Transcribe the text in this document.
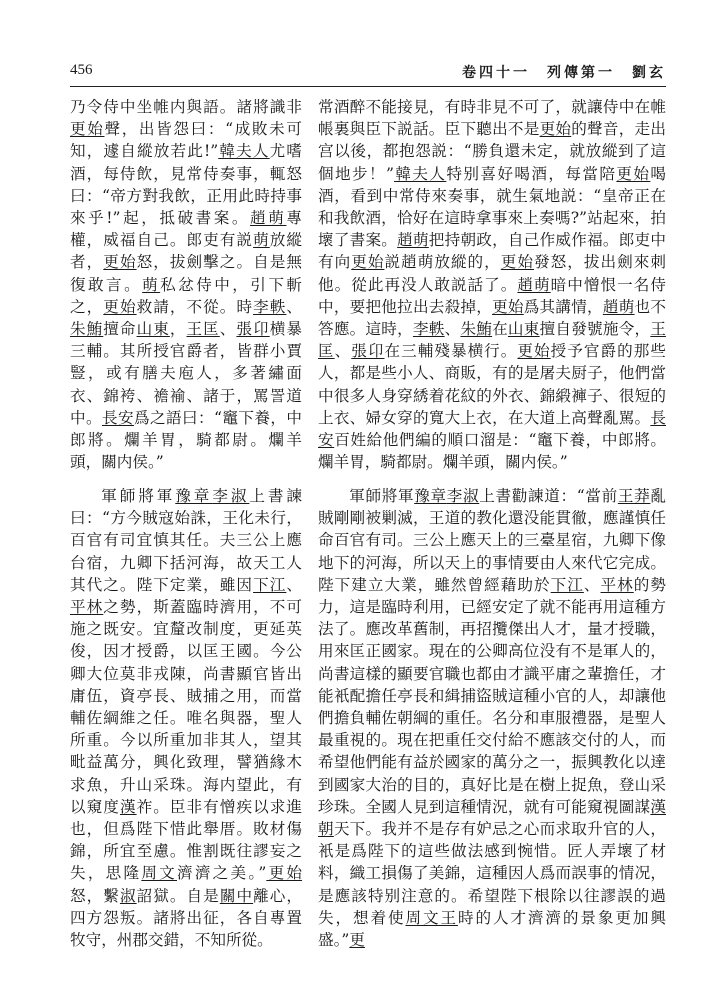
456	卷四十一　列傳第一　劉玄

乃令侍中坐帷内與語。諸將識非更始聲，出皆怨曰：“成敗未可知，遽自縱放若此!”韓夫人尤嗜酒，每侍飲，見常侍奏事，輒怒曰：“帝方對我飲，正用此時持事來乎!”起，抵破書案。趙萌專權，威福自己。郎吏有説萌放縱者，更始怒，拔劍擊之。自是無復敢言。萌私忿侍中，引下斬之，更始救請，不從。時李軼、朱鮪擅命山東，王匡、張卬横暴三輔。其所授官爵者，皆群小賈豎，或有膳夫庖人，多著繡面衣、錦袴、襜褕、諸于，罵詈道中。長安爲之語曰：“竈下養，中郎將。爛羊胃，騎都尉。爛羊頭，關内侯。”

軍師將軍豫章李淑上書諫曰：“方今賊寇始誅，王化未行，百官有司宜慎其任。夫三公上應台宿，九卿下括河海，故天工人其代之。陛下定業，雖因下江、平林之勢，斯蓋臨時濟用，不可施之既安。宜釐改制度，更延英俊，因才授爵，以匡王國。今公卿大位莫非戎陳，尚書顯官皆出庸伍，資亭長、賊捕之用，而當輔佐綱維之任。唯名與器，聖人所重。今以所重加非其人，望其毗益萬分，興化致理，譬猶緣木求魚，升山采珠。海内望此，有以窺度漢祚。臣非有憎疾以求進也，但爲陛下惜此舉厝。敗材傷錦，所宜至慮。惟割既往謬妄之失，思隆周文濟濟之美。”更始怒，繫淑詔獄。自是關中離心，四方怨叛。諸將出征，各自專置牧守，州郡交錯，不知所從。

常酒醉不能接見，有時非見不可了，就讓侍中在帷帳裏與臣下説話。臣下聽出不是更始的聲音，走出宫以後，都抱怨説：“勝負還未定，就放縱到了這個地步！”韓夫人特别喜好喝酒，每當陪更始喝酒，看到中常侍來奏事，就生氣地説：“皇帝正在和我飲酒，恰好在這時拿事來上奏嗎?”站起來，拍壞了書案。趙萌把持朝政，自己作威作福。郎吏中有向更始説趙萌放縱的，更始發怒，拔出劍來刺他。從此再没人敢説話了。趙萌暗中憎恨一名侍中，要把他拉出去殺掉，更始爲其講情，趙萌也不答應。這時，李軼、朱鮪在山東擅自發號施令，王匡、張卬在三輔殘暴横行。更始授予官爵的那些人，都是些小人、商販，有的是屠夫厨子，他們當中很多人身穿綉着花紋的外衣、錦緞褲子、很短的上衣、婦女穿的寬大上衣，在大道上高聲亂駡。長安百姓給他們編的順口溜是：“竈下養，中郎將。爛羊胃，騎都尉。爛羊頭，關内侯。”

軍師將軍豫章李淑上書勸諫道：“當前王莽亂賊剛剛被剿滅，王道的教化還没能貫徹，應謹慎任命百官有司。三公上應天上的三臺星宿，九卿下像地下的河海，所以天上的事情要由人來代它完成。陛下建立大業，雖然曾經藉助於下江、平林的勢力，這是臨時利用，已經安定了就不能再用這種方法了。應改革舊制，再招攬傑出人才，量才授職，用來匡正國家。現在的公卿高位没有不是軍人的，尚書這樣的顯要官職也都由才識平庸之輩擔任，才能衹配擔任亭長和緝捕盜賊這種小官的人，却讓他們擔負輔佐朝綱的重任。名分和車服禮器，是聖人最重視的。現在把重任交付給不應該交付的人，而希望他們能有益於國家的萬分之一，振興教化以達到國家大治的目的，真好比是在樹上捉魚，登山采珍珠。全國人見到這種情況，就有可能窺視圖謀漢朝天下。我并不是存有妒忌之心而求取升官的人，衹是爲陛下的這些做法感到惋惜。匠人弄壞了材料，織工損傷了美錦，這種因人爲而誤事的情况，是應該特别注意的。希望陛下根除以往謬誤的過失，想着使周文王時的人才濟濟的景象更加興盛。”更
